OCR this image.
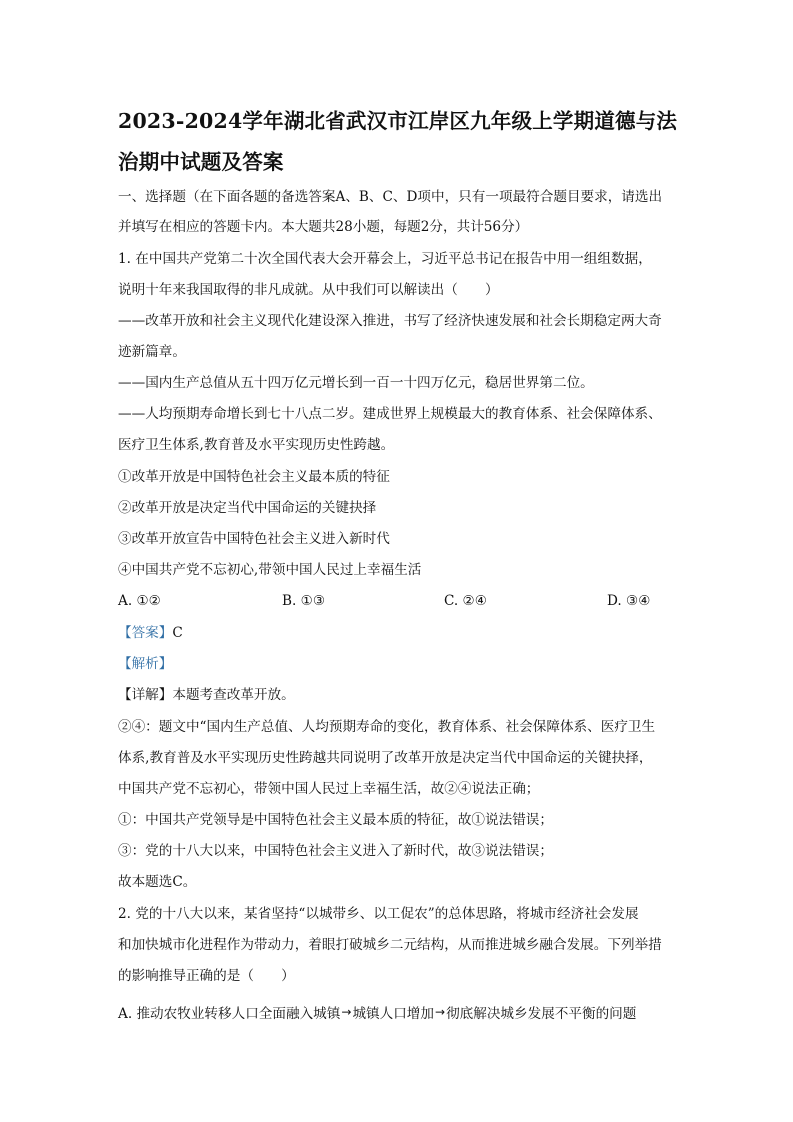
2023-2024学年湖北省武汉市江岸区九年级上学期道德与法
治期中试题及答案
一、选择题（在下面各题的备选答案A、B、C、D项中，只有一项最符合题目要求，请选出
并填写在相应的答题卡内。本大题共28小题，每题2分，共计56分）
1. 在中国共产党第二十次全国代表大会开幕会上，习近平总书记在报告中用一组组数据，
说明十年来我国取得的非凡成就。从中我们可以解读出（　　）
——改革开放和社会主义现代化建设深入推进，书写了经济快速发展和社会长期稳定两大奇
迹新篇章。
——国内生产总值从五十四万亿元增长到一百一十四万亿元，稳居世界第二位。
——人均预期寿命增长到七十八点二岁。建成世界上规模最大的教育体系、社会保障体系、
医疗卫生体系,教育普及水平实现历史性跨越。
①改革开放是中国特色社会主义最本质的特征
②改革开放是决定当代中国命运的关键抉择
③改革开放宣告中国特色社会主义进入新时代
④中国共产党不忘初心,带领中国人民过上幸福生活
A. ①②	B. ①③	C. ②④	D. ③④
【答案】C
【解析】
【详解】本题考查改革开放。
②④：题文中“国内生产总值、人均预期寿命的变化，教育体系、社会保障体系、医疗卫生
体系,教育普及水平实现历史性跨越共同说明了改革开放是决定当代中国命运的关键抉择，
中国共产党不忘初心，带领中国人民过上幸福生活，故②④说法正确；
①：中国共产党领导是中国特色社会主义最本质的特征，故①说法错误；
③：党的十八大以来，中国特色社会主义进入了新时代，故③说法错误；
故本题选C。
2. 党的十八大以来，某省坚持“以城带乡、以工促农”的总体思路，将城市经济社会发展
和加快城市化进程作为带动力，着眼打破城乡二元结构，从而推进城乡融合发展。下列举措
的影响推导正确的是（　　）
A. 推动农牧业转移人口全面融入城镇→城镇人口增加→彻底解决城乡发展不平衡的问题
